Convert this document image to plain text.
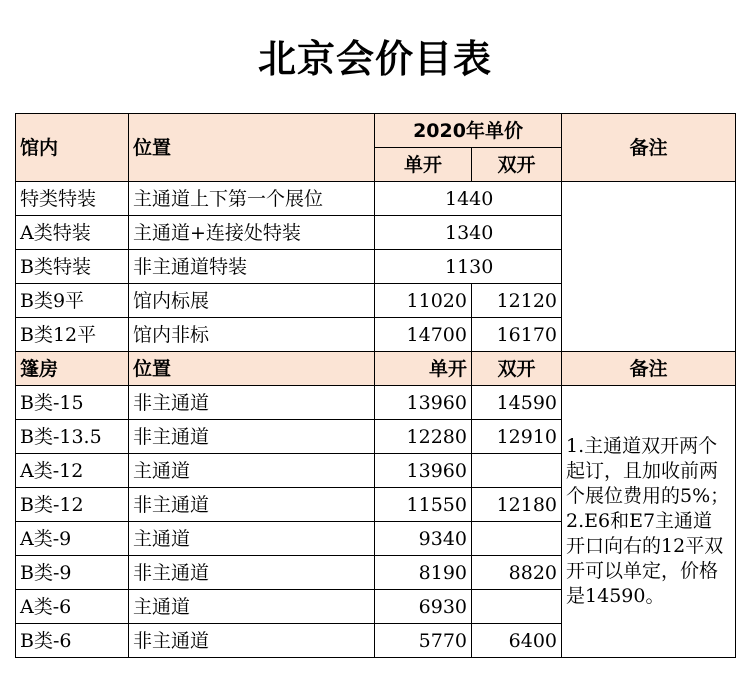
北京会价目表
馆内	位置	2020年单价		备注
		单开	双开	
特类特装	主通道上下第一个展位	1440		
A类特装	主通道+连接处特装	1340		
B类特装	非主通道特装	1130		
B类9平	馆内标展	11020	12120	
B类12平	馆内非标	14700	16170	
篷房	位置	单开	双开	备注
B类-15	非主通道	13960	14590	1.主通道双开两个起订，且加收前两个展位费用的5%；2.E6和E7主通道开口向右的12平双开可以单定，价格是14590。
B类-13.5	非主通道	12280	12910	
A类-12	主通道	13960		
B类-12	非主通道	11550	12180	
A类-9	主通道	9340		
B类-9	非主通道	8190	8820	
A类-6	主通道	6930		
B类-6	非主通道	5770	6400	
